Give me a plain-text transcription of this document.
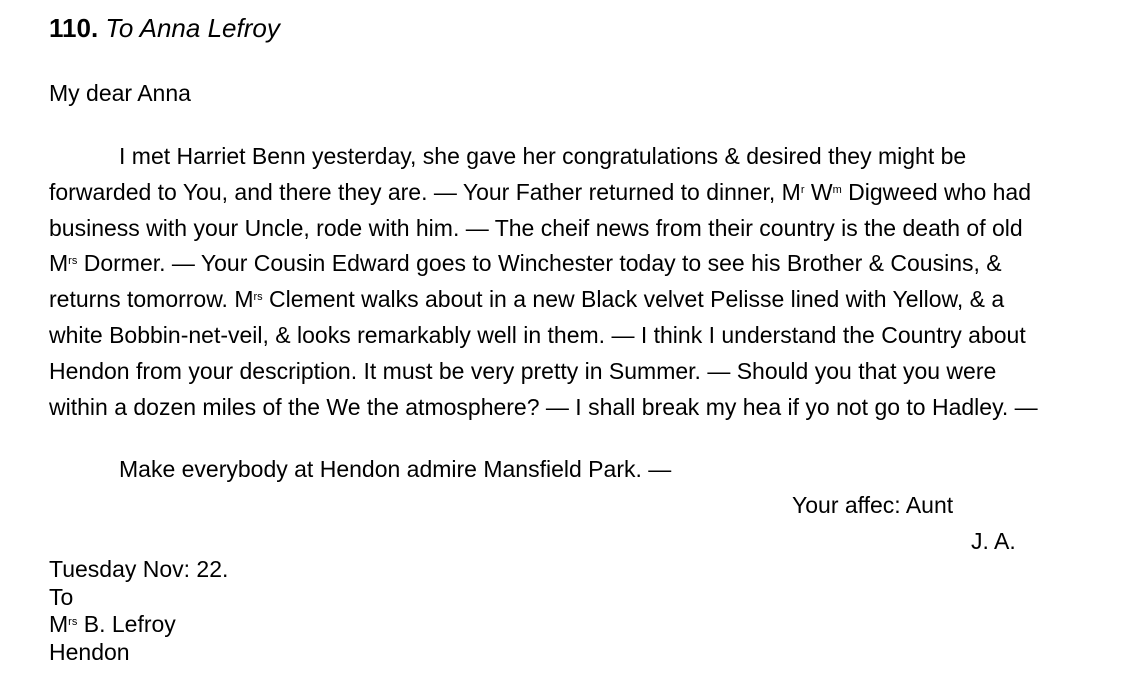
110. To Anna Lefroy
My dear Anna
I met Harriet Benn yesterday, she gave her congratulations & desired they might be
forwarded to You, and there they are. — Your Father returned to dinner, $M^r$ $W^m$ Digweed who had
business with your Uncle, rode with him. — The cheif news from their country is the death of old
$M^{rs}$ Dormer. — Your Cousin Edward goes to Winchester today to see his Brother & Cousins, &
returns tomorrow. $M^{rs}$ Clement walks about in a new Black velvet Pelisse lined with Yellow, & a
white Bobbin-net-veil, & looks remarkably well in them. — I think I understand the Country about
Hendon from your description. It must be very pretty in Summer. — Should you that you were
within a dozen miles of the We the atmosphere? — I shall break my hea if yo not go to Hadley. —
Make everybody at Hendon admire Mansfield Park. —
Your affec: Aunt
J. A.
Tuesday Nov: 22.
To
$M^{rs}$ B. Lefroy
Hendon
